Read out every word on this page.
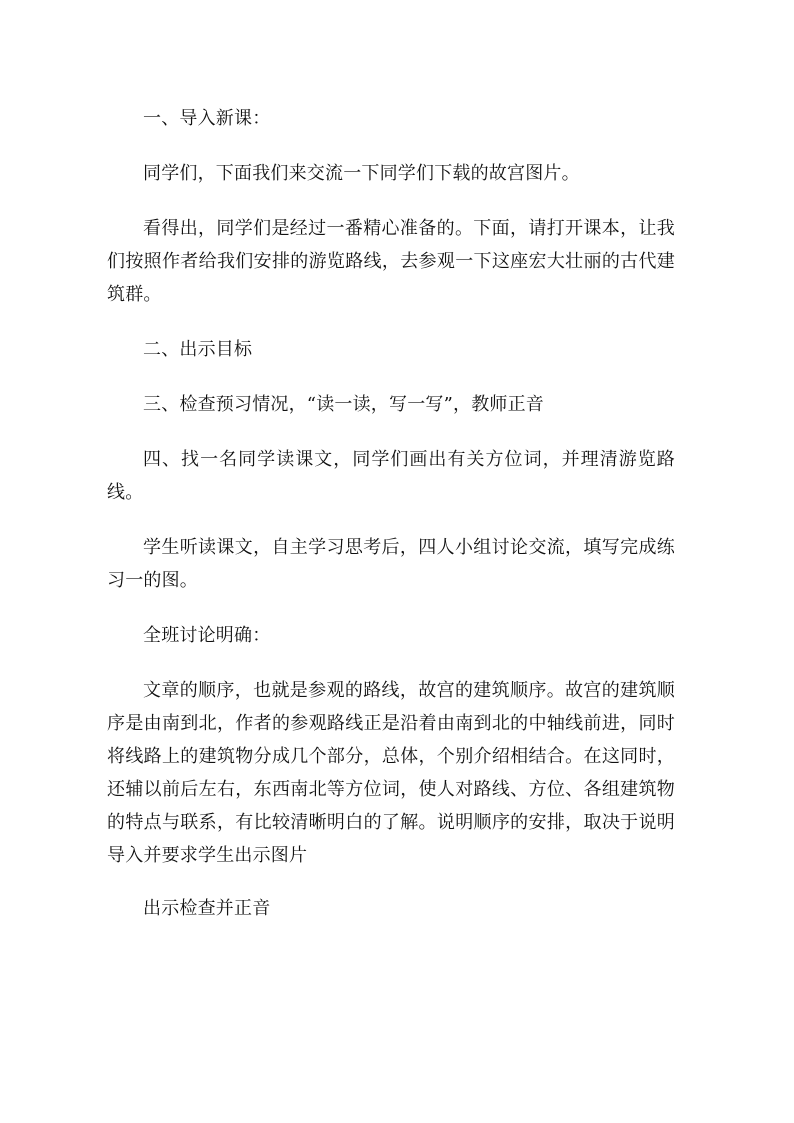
一、导入新课：

同学们，下面我们来交流一下同学们下载的故宫图片。

看得出，同学们是经过一番精心准备的。下面，请打开课本，让我们按照作者给我们安排的游览路线，去参观一下这座宏大壮丽的古代建筑群。

二、出示目标

三、检查预习情况，“读一读，写一写”，教师正音

四、找一名同学读课文，同学们画出有关方位词，并理清游览路线。

学生听读课文，自主学习思考后，四人小组讨论交流，填写完成练习一的图。

全班讨论明确：

文章的顺序，也就是参观的路线，故宫的建筑顺序。故宫的建筑顺序是由南到北，作者的参观路线正是沿着由南到北的中轴线前进，同时将线路上的建筑物分成几个部分，总体，个别介绍相结合。在这同时，还辅以前后左右，东西南北等方位词，使人对路线、方位、各组建筑物的特点与联系，有比较清晰明白的了解。说明顺序的安排，取决于说明导入并要求学生出示图片

出示检查并正音
